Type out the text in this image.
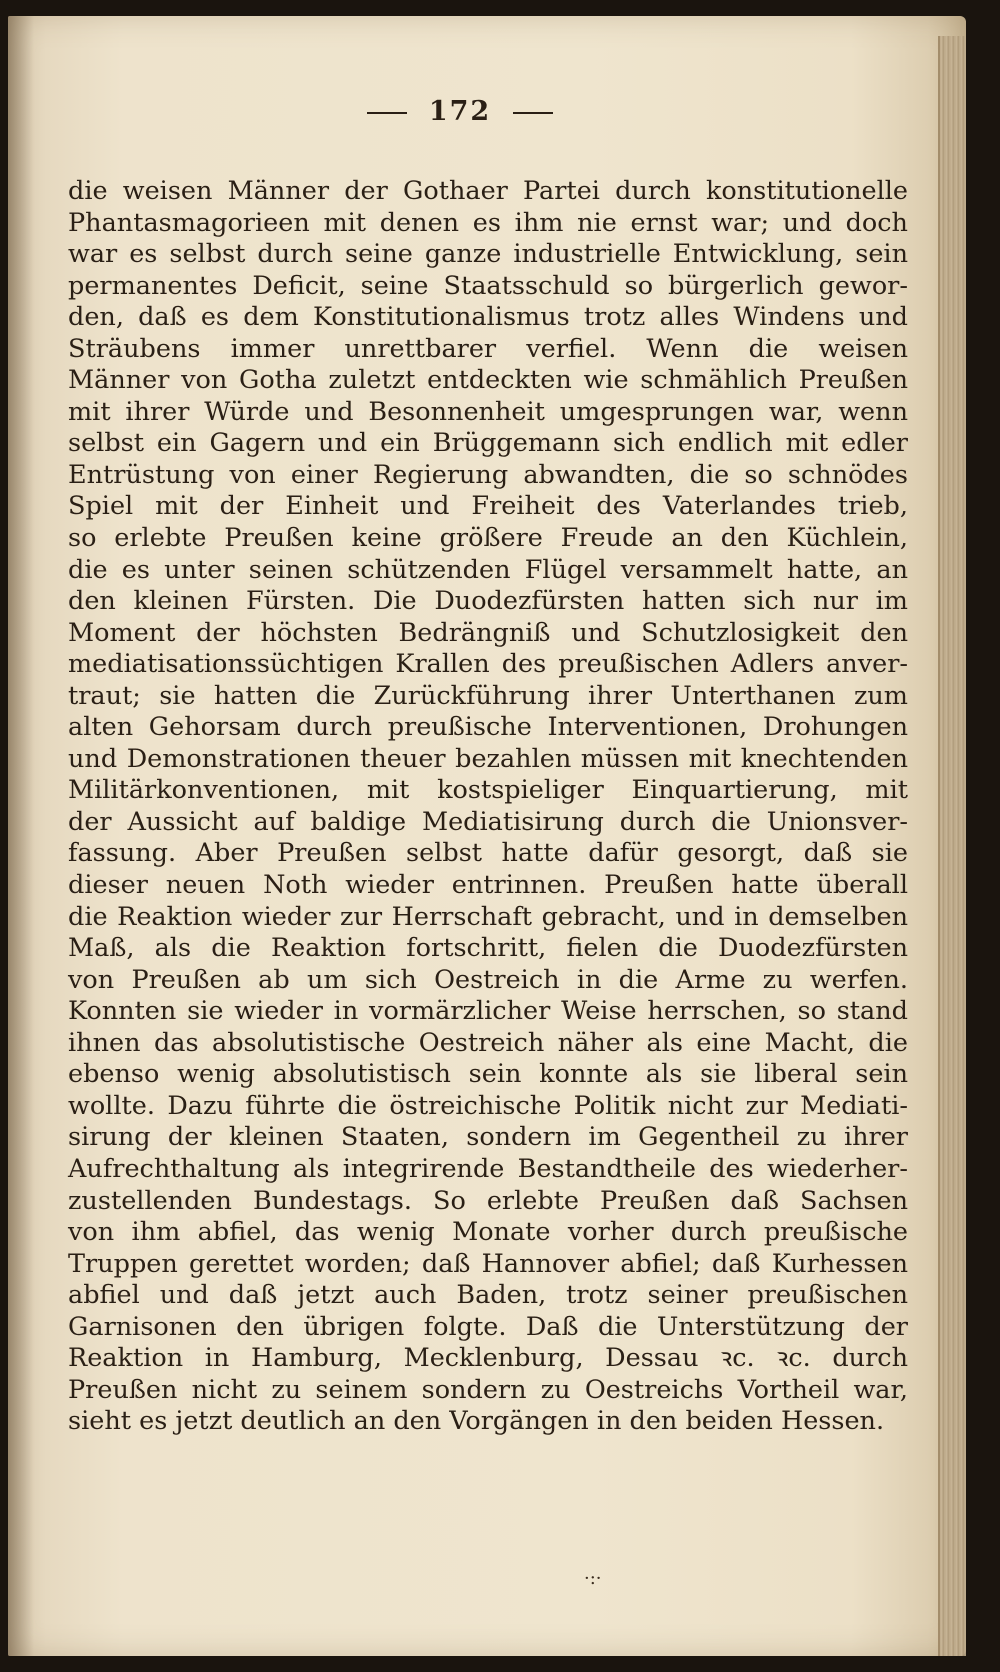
172
die weisen Männer der Gothaer Partei durch konstitutionelle
Phantasmagorieen mit denen es ihm nie ernst war; und doch
war es selbst durch seine ganze industrielle Entwicklung, sein
permanentes Deficit, seine Staatsschuld so bürgerlich gewor-
den, daß es dem Konstitutionalismus trotz alles Windens und
Sträubens immer unrettbarer verfiel. Wenn die weisen
Männer von Gotha zuletzt entdeckten wie schmählich Preußen
mit ihrer Würde und Besonnenheit umgesprungen war, wenn
selbst ein Gagern und ein Brüggemann sich endlich mit edler
Entrüstung von einer Regierung abwandten, die so schnödes
Spiel mit der Einheit und Freiheit des Vaterlandes trieb,
so erlebte Preußen keine größere Freude an den Küchlein,
die es unter seinen schützenden Flügel versammelt hatte, an
den kleinen Fürsten. Die Duodezfürsten hatten sich nur im
Moment der höchsten Bedrängniß und Schutzlosigkeit den
mediatisationssüchtigen Krallen des preußischen Adlers anver-
traut; sie hatten die Zurückführung ihrer Unterthanen zum
alten Gehorsam durch preußische Interventionen, Drohungen
und Demonstrationen theuer bezahlen müssen mit knechtenden
Militärkonventionen, mit kostspieliger Einquartierung, mit
der Aussicht auf baldige Mediatisirung durch die Unionsver-
fassung. Aber Preußen selbst hatte dafür gesorgt, daß sie
dieser neuen Noth wieder entrinnen. Preußen hatte überall
die Reaktion wieder zur Herrschaft gebracht, und in demselben
Maß, als die Reaktion fortschritt, fielen die Duodezfürsten
von Preußen ab um sich Oestreich in die Arme zu werfen.
Konnten sie wieder in vormärzlicher Weise herrschen, so stand
ihnen das absolutistische Oestreich näher als eine Macht, die
ebenso wenig absolutistisch sein konnte als sie liberal sein
wollte. Dazu führte die östreichische Politik nicht zur Mediati-
sirung der kleinen Staaten, sondern im Gegentheil zu ihrer
Aufrechthaltung als integrirende Bestandtheile des wiederher-
zustellenden Bundestags. So erlebte Preußen daß Sachsen
von ihm abfiel, das wenig Monate vorher durch preußische
Truppen gerettet worden; daß Hannover abfiel; daß Kurhessen
abfiel und daß jetzt auch Baden, trotz seiner preußischen
Garnisonen den übrigen folgte. Daß die Unterstützung der
Reaktion in Hamburg, Mecklenburg, Dessau ꝛc. ꝛc. durch
Preußen nicht zu seinem sondern zu Oestreichs Vortheil war,
sieht es jetzt deutlich an den Vorgängen in den beiden Hessen.
·:·
